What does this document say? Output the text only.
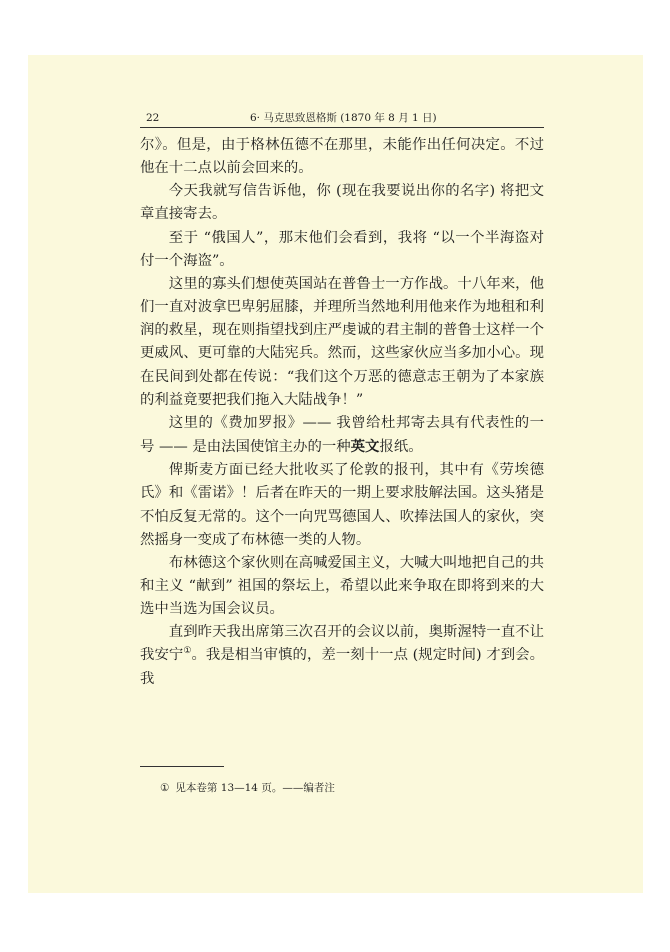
22	6· 马克思致恩格斯 (1870 年 8 月 1 日)

尔》。但是，由于格林伍德不在那里，未能作出任何决定。不过他在十二点以前会回来的。

今天我就写信告诉他，你 (现在我要说出你的名字) 将把文章直接寄去。

至于 “俄国人”，那末他们会看到，我将 “以一个半海盗对付一个海盗”。

这里的寡头们想使英国站在普鲁士一方作战。十八年来，他们一直对波拿巴卑躬屈膝，并理所当然地利用他来作为地租和利润的救星，现在则指望找到庄严虔诚的君主制的普鲁士这样一个更威风、更可靠的大陆宪兵。然而，这些家伙应当多加小心。现在民间到处都在传说：“我们这个万恶的德意志王朝为了本家族的利益竟要把我们拖入大陆战争！”

这里的《费加罗报》—— 我曾给杜邦寄去具有代表性的一号 —— 是由法国使馆主办的一种英文报纸。

俾斯麦方面已经大批收买了伦敦的报刊，其中有《劳埃德氏》和《雷诺》！后者在昨天的一期上要求肢解法国。这头猪是不怕反复无常的。这个一向咒骂德国人、吹捧法国人的家伙，突然摇身一变成了布林德一类的人物。

布林德这个家伙则在高喊爱国主义，大喊大叫地把自己的共和主义 “献到” 祖国的祭坛上，希望以此来争取在即将到来的大选中当选为国会议员。

直到昨天我出席第三次召开的会议以前，奥斯渥特一直不让我安宁①。我是相当审慎的，差一刻十一点 (规定时间) 才到会。我

① 见本卷第 13—14 页。——编者注
